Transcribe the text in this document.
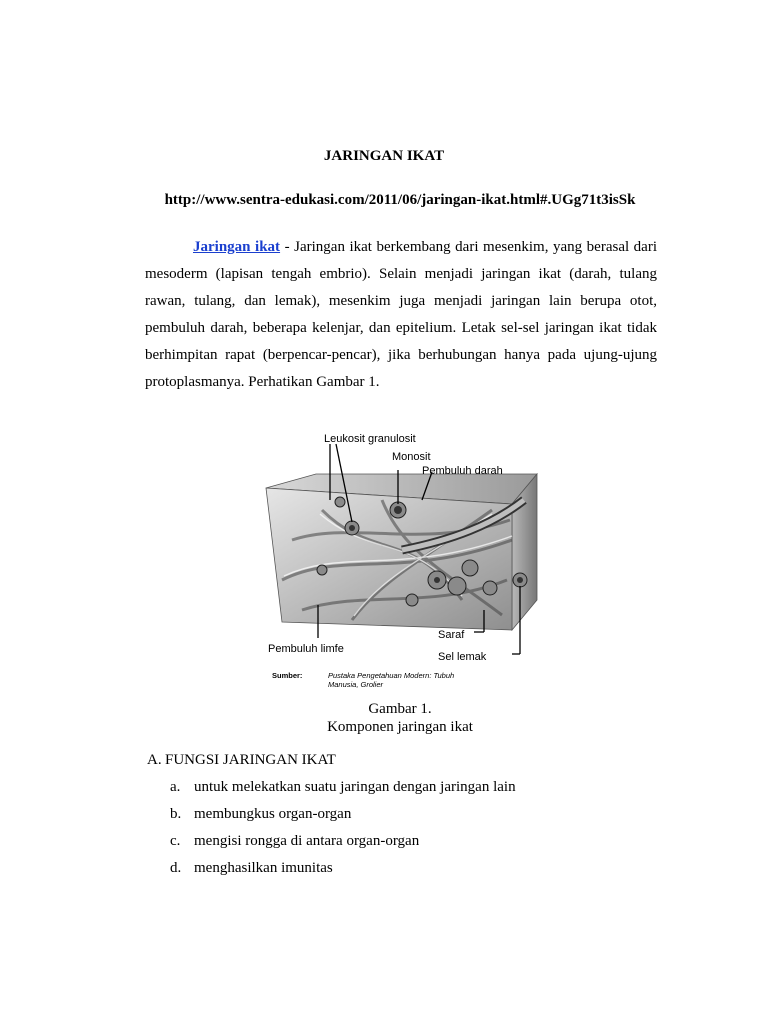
JARINGAN IKAT
http://www.sentra-edukasi.com/2011/06/jaringan-ikat.html#.UGg71t3isSk
Jaringan ikat - Jaringan ikat berkembang dari mesenkim, yang berasal dari mesoderm (lapisan tengah embrio). Selain menjadi jaringan ikat (darah, tulang rawan, tulang, dan lemak), mesenkim juga menjadi jaringan lain berupa otot, pembuluh darah, beberapa kelenjar, dan epitelium. Letak sel-sel jaringan ikat tidak berhimpitan rapat (berpencar-pencar), jika berhubungan hanya pada ujung-ujung protoplasmanya. Perhatikan Gambar 1.
Leukosit granulosit
Monosit
Pembuluh darah
Pembuluh limfe
Saraf
Sel lemak
Sumber:	Pustaka Pengetahuan Modern: Tubuh
Manusia, Grolier
Gambar 1.
Komponen jaringan ikat
A. FUNGSI JARINGAN IKAT
a. untuk melekatkan suatu jaringan dengan jaringan lain
b. membungkus organ-organ
c. mengisi rongga di antara organ-organ
d. menghasilkan imunitas
